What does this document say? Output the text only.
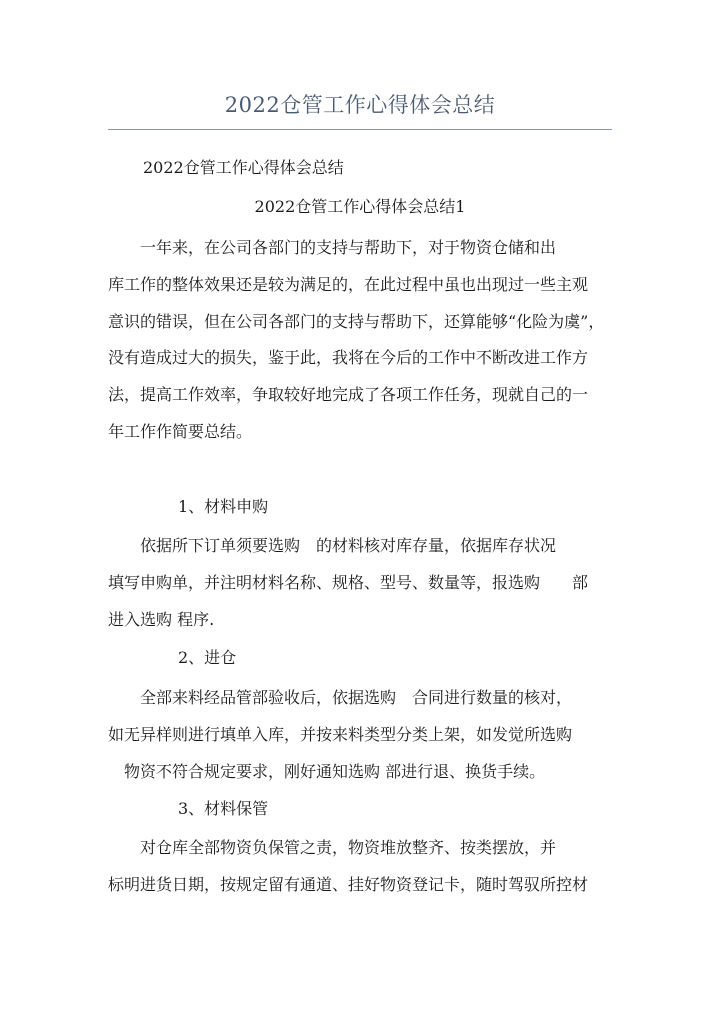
2022仓管工作心得体会总结
2022仓管工作心得体会总结
2022仓管工作心得体会总结1
　　一年来，在公司各部门的支持与帮助下，对于物资仓储和出
库工作的整体效果还是较为满足的，在此过程中虽也出现过一些主观
意识的错误，但在公司各部门的支持与帮助下，还算能够“化险为虞”，
没有造成过大的损失，鉴于此，我将在今后的工作中不断改进工作方
法，提高工作效率，争取较好地完成了各项工作任务，现就自己的一
年工作作简要总结。
1、材料申购
　　依据所下订单须要选购　的材料核对库存量，依据库存状况
填写申购单，并注明材料名称、规格、型号、数量等，报选购　　部
进入选购 程序.
2、进仓
　　全部来料经品管部验收后，依据选购　合同进行数量的核对，
如无异样则进行填单入库，并按来料类型分类上架，如发觉所选购
　物资不符合规定要求，刚好通知选购 部进行退、换货手续。
3、材料保管
　　对仓库全部物资负保管之责，物资堆放整齐、按类摆放，并
标明进货日期，按规定留有通道、挂好物资登记卡，随时驾驭所控材
